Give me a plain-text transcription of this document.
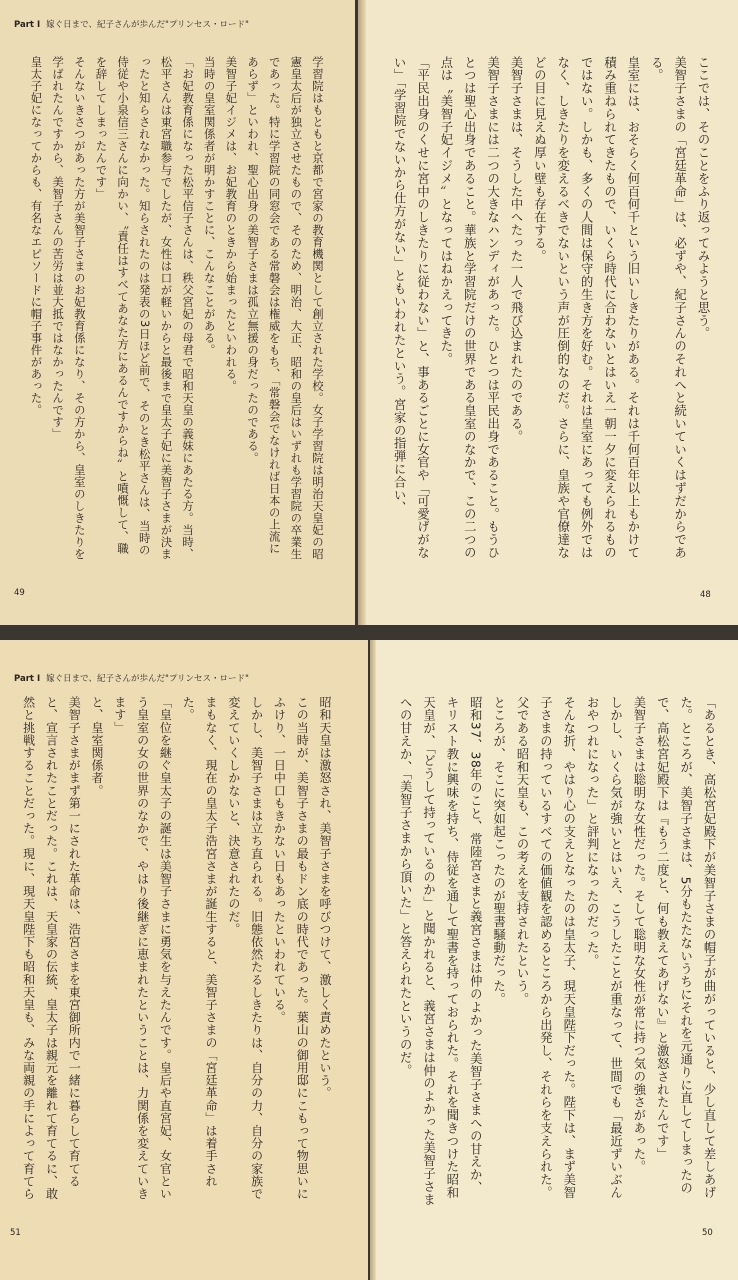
Part Ⅰ 嫁ぐ日まで、紀子さんが歩んだ"プリンセス・ロード"

学習院はもともと京都で宮家の教育機関として創立された学校。女子学習院は明治天皇妃の昭憲皇太后が独立させたもので、そのため、明治、大正、昭和の皇后はいずれも学習院の卒業生であった。特に学習院の同窓会である常磐会は権威をもち、「常磐会でなければ日本の上流にあらず」といわれ、聖心出身の美智子さまは孤立無援の身だったのである。

美智子妃イジメは、お妃教育のときから始まったといわれる。

当時の皇室関係者が明かすことに、こんなことがある。

「お妃教育係になった松平信子さんは、秩父宮妃の母君で昭和天皇の義妹にあたる方。当時、松平さんは東宮職参与でしたが、女性は口が軽いからと最後まで皇太子妃に美智子さまが決まったと知らされなかった。知らされたのは発表の3日ほど前で、そのとき松平さんは、当時の侍従や小泉信三さんに向かい、〝責任はすべてあなた方にあるんですからね〟と噴慨して、職を辞してしまったんです」

そんないきさつがあった方が美智子さまのお妃教育係になり、その方から、皇室のしきたりを学ばれたんですから、美智子さんの苦労は並大抵ではなかったんです」

皇太子妃になってからも、有名なエピソードに帽子事件があった。

49

ここでは、そのことをふり返ってみようと思う。

美智子さまの「宮廷革命」は、必ずや、紀子さんのそれへと続いていくはずだからである。

皇室には、おそらく何百何千という旧いしきたりがある。それは千何百年以上もかけて積み重ねられてきたもので、いくら時代に合わないとはいえ一朝一夕に変えられるものではない。しかも、多くの人間は保守的生き方を好む。それは皇室にあっても例外ではなく、しきたりを変えるべきでないという声が圧倒的なのだ。さらに、皇族や官僚達などの目に見えぬ厚い壁も存在する。

美智子さまは、そうした中へたった一人で飛び込まれたのである。

美智子さまには二つの大きなハンディがあった。ひとつは平民出身であること。もうひとつは聖心出身であること。華族と学習院だけの世界である皇室のなかで、この二つの点は〝美智子妃イジメ〟となってはねかえってきた。

「平民出身のくせに宮中のしきたりに従わない」と、事あるごとに女官や「可愛げがない」「学習院でないから仕方がない」ともいわれたという。宮家の指弾に合い、

48
Part Ⅰ 嫁ぐ日まで、紀子さんが歩んだ"プリンセス・ロード"

昭和天皇は激怒され、美智子さまを呼びつけて、激しく責めたという。

この当時が、美智子さまの最もドン底の時代であった。葉山の御用邸にこもって物思いにふけり、一日中口もきかない日もあったといわれている。

しかし、美智子さまは立ち直られる。旧態依然たるしきたりは、自分の力、自分の家族で変えていくしかないと、決意されたのだ。

まもなく、現在の皇太子浩宮さまが誕生すると、美智子さまの「宮廷革命」は着手された。

「皇位を継ぐ皇太子の誕生は美智子さまに勇気を与えたんです。皇后や直宮妃、女官という皇室の女の世界のなかで、やはり後継ぎに恵まれたということは、力関係を変えていきます」

と、皇室関係者。

美智子さまがまず第一にされた革命は、浩宮さまを東宮御所内で一緒に暮らして育てると、宣言されたことだった。これは、天皇家の伝統、皇太子は親元を離れて育てるに、敢然と挑戦することだった。現に、現天皇陛下も昭和天皇も、みな両親の手によって育てら

51

「あるとき、高松宮妃殿下が美智子さまの帽子が曲がっていると、少し直して差しあげた。ところが、美智子さまは、5分もたたないうちにそれを元通りに直してしまったので、高松宮妃殿下は『もう二度と、何も教えてあげない』と激怒されたんです」

美智子さまは聡明な女性だった。そして聡明な女性が常に持つ気の強さがあった。

しかし、いくら気が強いとはいえ、こうしたことが重なって、世間でも「最近ずいぶんおやつれになった」と評判になったのだった。

そんな折、やはり心の支えとなったのは皇太子、現天皇陛下だった。陛下は、まず美智子さまの持っているすべての価値観を認めるところから出発し、それらを支えられた。父である昭和天皇も、この考えを支持されたという。

ところが、そこに突如起こったのが聖書騒動だった。

昭和37、38年のこと、常陸宮さまと義宮さまは仲のよかった美智子さまへの甘えか、キリスト教に興味を持ち、侍従を通して聖書を持っておられた。それを聞きつけた昭和天皇が、「どうして持っているのか」と聞かれると、義宮さまは仲のよかった美智子さまへの甘えか、「美智子さまから頂いた」と答えられたというのだ。

50
